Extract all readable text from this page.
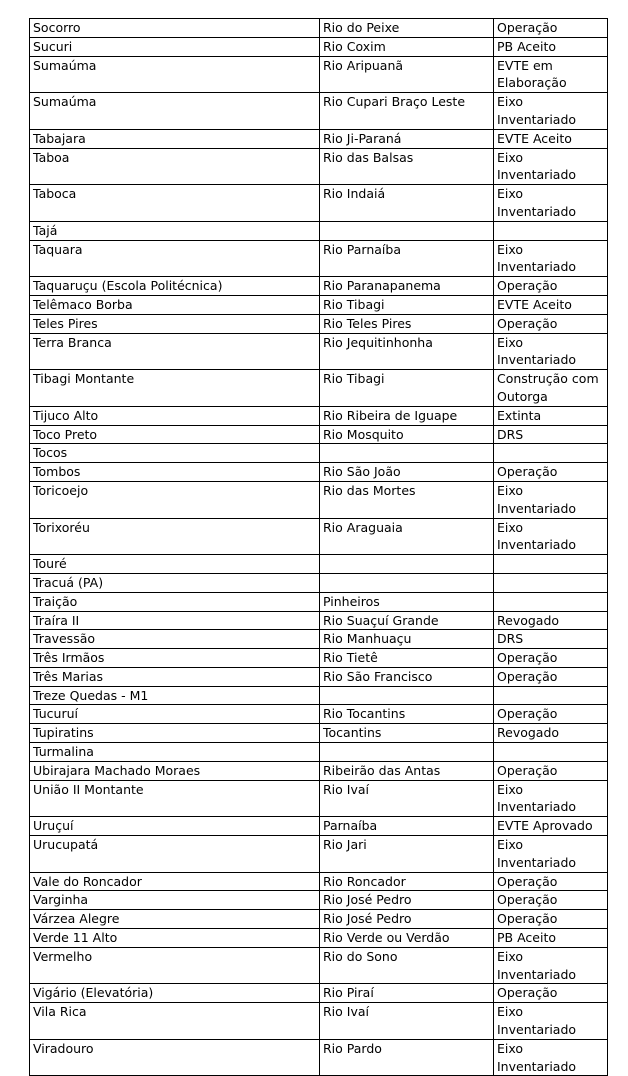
Socorro	Rio do Peixe	Operação
Sucuri	Rio Coxim	PB Aceito
Sumaúma	Rio Aripuanã	EVTE em Elaboração
Sumaúma	Rio Cupari Braço Leste	Eixo Inventariado
Tabajara	Rio Ji-Paraná	EVTE Aceito
Taboa	Rio das Balsas	Eixo Inventariado
Taboca	Rio Indaiá	Eixo Inventariado
Tajá		
Taquara	Rio Parnaíba	Eixo Inventariado
Taquaruçu (Escola Politécnica)	Rio Paranapanema	Operação
Telêmaco Borba	Rio Tibagi	EVTE Aceito
Teles Pires	Rio Teles Pires	Operação
Terra Branca	Rio Jequitinhonha	Eixo Inventariado
Tibagi Montante	Rio Tibagi	Construção com Outorga
Tijuco Alto	Rio Ribeira de Iguape	Extinta
Toco Preto	Rio Mosquito	DRS
Tocos		
Tombos	Rio São João	Operação
Toricoejo	Rio das Mortes	Eixo Inventariado
Torixoréu	Rio Araguaia	Eixo Inventariado
Touré		
Tracuá (PA)		
Traição	Pinheiros	
Traíra II	Rio Suaçuí Grande	Revogado
Travessão	Rio Manhuaçu	DRS
Três Irmãos	Rio Tietê	Operação
Três Marias	Rio São Francisco	Operação
Treze Quedas - M1		
Tucuruí	Rio Tocantins	Operação
Tupiratins	Tocantins	Revogado
Turmalina		
Ubirajara Machado Moraes	Ribeirão das Antas	Operação
União II Montante	Rio Ivaí	Eixo Inventariado
Uruçuí	Parnaíba	EVTE Aprovado
Urucupatá	Rio Jari	Eixo Inventariado
Vale do Roncador	Rio Roncador	Operação
Varginha	Rio José Pedro	Operação
Várzea Alegre	Rio José Pedro	Operação
Verde 11 Alto	Rio Verde ou Verdão	PB Aceito
Vermelho	Rio do Sono	Eixo Inventariado
Vigário (Elevatória)	Rio Piraí	Operação
Vila Rica	Rio Ivaí	Eixo Inventariado
Viradouro	Rio Pardo	Eixo Inventariado
